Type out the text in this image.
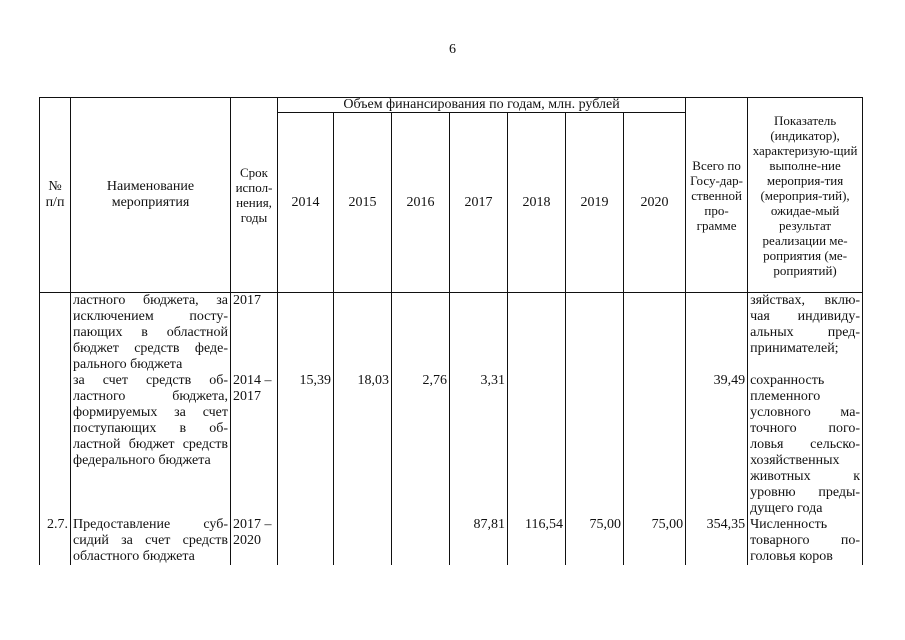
6
№ п/п	Наименование мероприятия	Срок испол-нения, годы	Объем финансирования по годам, млн. рублей							Всего по Госу-дар-ственной про-грамме	Показатель (индикатор), характеризую-щий выполне-ние мероприя-тия (мероприя-тий), ожидае-мый результат реализации ме-роприятия (ме-роприятий)
			2014	2015	2016	2017	2018	2019	2020		
	ластного бюджета, за исключением посту-пающих в областной бюджет средств феде-рального бюджета	2017									зяйствах, вклю-чая индивиду-альных пред-принимателей;
	за счет средств об-ластного бюджета, формируемых за счет поступающих в об-ластной бюджет средств федерального бюджета	2014 – 2017	15,39	18,03	2,76	3,31				39,49	сохранность племенного условного ма-точного пого-ловья сельско-хозяйственных животных к уровню преды-дущего года
2.7.	Предоставление суб-сидий за счет средств областного бюджета	2017 – 2020				87,81	116,54	75,00	75,00	354,35	Численность товарного по-головья коров
